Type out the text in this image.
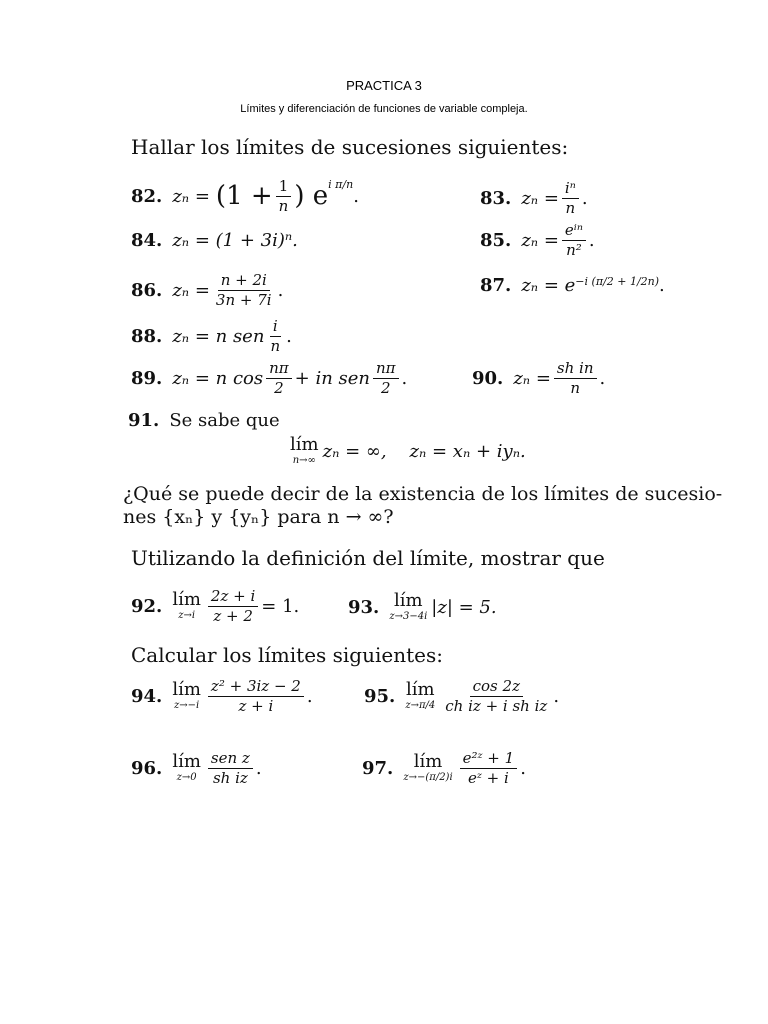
PRACTICA 3
Límites y diferenciación de funciones de variable compleja.
Hallar los límites de sucesiones siguientes:
82. $z_n = (1 + \frac{1}{n}$ ) $e^{i \pi/n}$
.	83. $z_n = \frac{\text{iⁿ}}{n}$ .
84. zₙ = (1 + 3i)ⁿ.	85. $z_n = \frac{\text{eⁱⁿ}}{\text{n²}}$ .
86. $z_n = \frac{n + 2i}{3n + 7i}$ .	87. $z_n = e^{-i (\pi/2 + 1/2n)}$ .
88. zₙ = n sen $\frac{i}{n}$ .
89. zₙ = n $\cos \frac{n\pi}{2}$ + in sen $\frac{n\pi}{2}$ .	90. $z_n = \frac{\text{sh in}}{n}$ .
91. Se sabe que
lím
n→∞ zₙ = ∞,    zₙ = xₙ + iyₙ.
¿Qué se puede decir de la existencia de los límites de sucesio-
nes {xₙ} y {yₙ} para n → ∞?
Utilizando la definición del límite, mostrar que
92. lím
$z\to i \frac{2z + i}{z + 2} = 1$.	93. lím
z→3−4i |z| = 5.
Calcular los límites siguientes:
94. lím
$z\to-i \frac{\text{z² + 3iz − 2}}{z + i}$ .	95. lím
$z\to\pi/4 \frac{\cos 2z}{\text{ch iz + i sh iz}}$ .
96. lím
$z\to 0 \frac{\text{sen z}}{\text{sh iz}}$ .	97. lím
$z\to-(\pi/2)i \frac{\text{e²ᶻ + 1}}{\text{eᶻ + i}}$ .
